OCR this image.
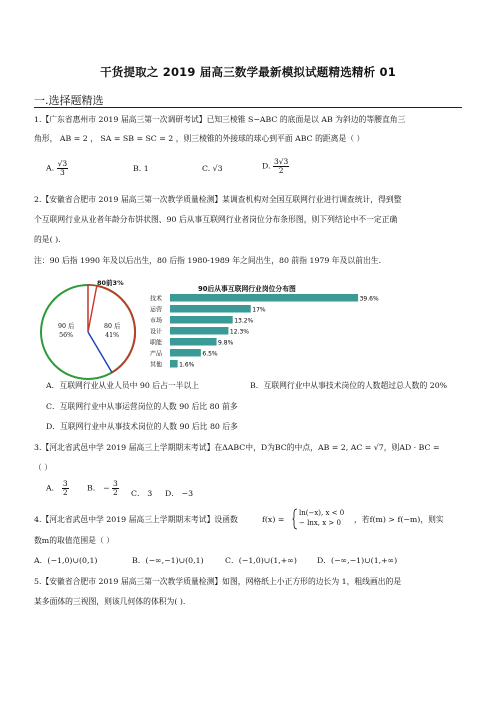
干货提取之 2019 届高三数学最新模拟试题精选精析 01
一.选择题精选
1.【广东省惠州市 2019 届高三第一次调研考试】已知三棱锥 S−ABC 的底面是以 AB 为斜边的等腰直角三
角形， AB = 2 ， SA = SB = SC = 2 ，则三棱锥的外接球的球心到平面 ABC 的距离是（ ）
A. $\frac{√3}{3}$	B. 1	C. √3	D. $\frac{3√3}{2}$
2.【安徽省合肥市 2019 届高三第一次教学质量检测】某调查机构对全国互联网行业进行调查统计，得到整
个互联网行业从业者年龄分布饼状图、90 后从事互联网行业者岗位分布条形图，则下列结论中不一定正确
的是( ).
注：90 后指 1990 年及以后出生，80 后指 1980-1989 年之间出生，80 前指 1979 年及以前出生.
80前3%
90 后
56%
80 后
41%
90后从事互联网行业岗位分布图
技术	39.6%
运营	17%
市场	13.2%
设计	12.3%
职能	9.8%
产品	6.5%
其他	1.6%
A．互联网行业从业人员中 90 后占一半以上	B．互联网行业中从事技术岗位的人数超过总人数的 20%
C．互联网行业中从事运营岗位的人数 90 后比 80 前多
D．互联网行业中从事技术岗位的人数 90 后比 80 后多
3.【河北省武邑中学 2019 届高三上学期期末考试】在ΔABC中，D为BC的中点，AB = 2, AC = √7，则AD · BC =
（ ）
A． $\frac{3}{2}$ B． − $\frac{3}{2}$ C． 3 D． −3
4.【河北省武邑中学 2019 届高三上学期期末考试】设函数	f(x) =
ln(−x), x < 0
− lnx, x > 0	，若f(m) > f(−m)，则实
数m的取值范围是（ ）
A．(−1,0)∪(0,1)	B．(−∞,−1)∪(0,1)	C．(−1,0)∪(1,+∞)	D．(−∞,−1)∪(1,+∞)
5.【安徽省合肥市 2019 届高三第一次教学质量检测】如图，网格纸上小正方形的边长为 1，粗线画出的是
某多面体的三视图，则该几何体的体积为( ).
